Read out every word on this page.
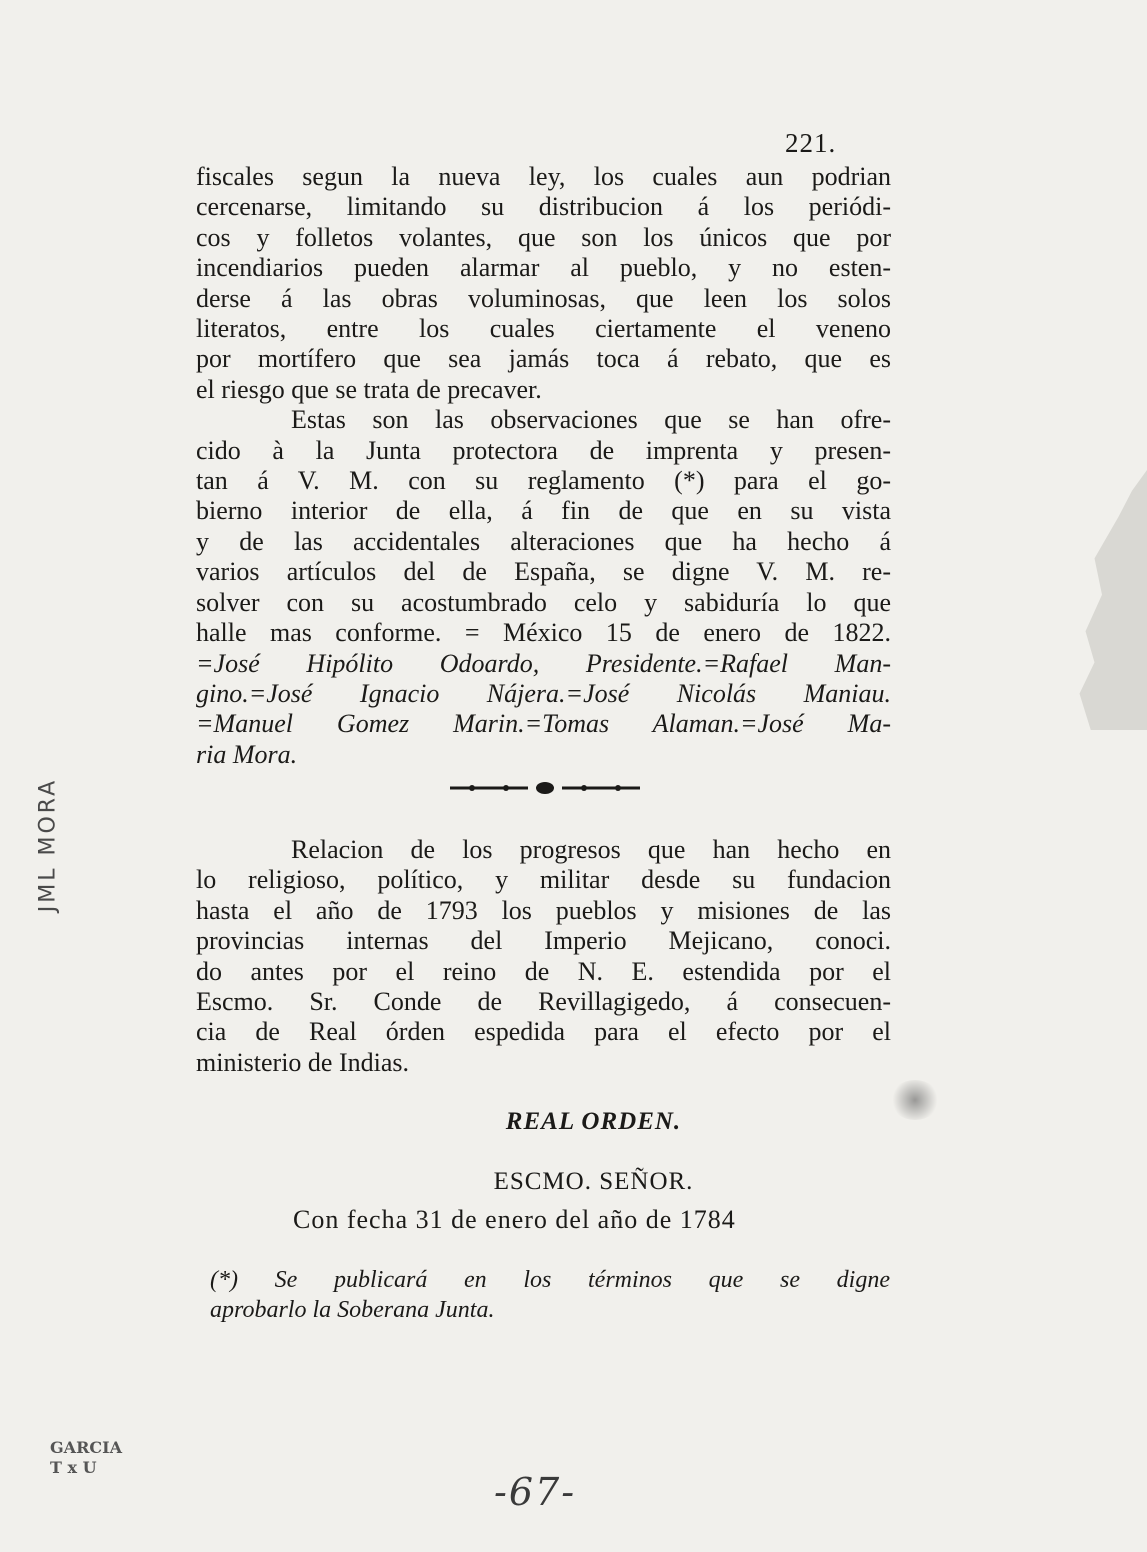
221.

fiscales segun la nueva ley, los cuales aun podrian

cercenarse, limitando su distribucion á los periódi-

cos y folletos volantes, que son los únicos que por

incendiarios pueden alarmar al pueblo, y no esten-

derse á las obras voluminosas, que leen los solos

literatos, entre los cuales ciertamente el veneno

por mortífero que sea jamás toca á rebato, que es

el riesgo que se trata de precaver.

Estas son las observaciones que se han ofre-

cido à la Junta protectora de imprenta y presen-

tan á V. M. con su reglamento (*) para el go-

bierno interior de ella, á fin de que en su vista

y de las accidentales alteraciones que ha hecho á

varios artículos del de España, se digne V. M. re-

solver con su acostumbrado celo y sabiduría lo que

halle mas conforme. = México 15 de enero de 1822.

=José Hipólito Odoardo, Presidente.=Rafael Man-

gino.=José Ignacio Nájera.=José Nicolás Maniau.

=Manuel Gomez Marin.=Tomas Alaman.=José Ma-

ria Mora.

Relacion de los progresos que han hecho en

lo religioso, político, y militar desde su fundacion

hasta el año de 1793 los pueblos y misiones de las

provincias internas del Imperio Mejicano, conoci.

do antes por el reino de N. E. estendida por el

Escmo. Sr. Conde de Revillagigedo, á consecuen-

cia de Real órden espedida para el efecto por el

ministerio de Indias.

REAL ORDEN.
ESCMO. SEÑOR.
Con fecha 31 de enero del año de 1784

(*) Se publicará en los términos que se digne

aprobarlo la Soberana Junta.

JML MORA
GARCIA
T x U
-67-
